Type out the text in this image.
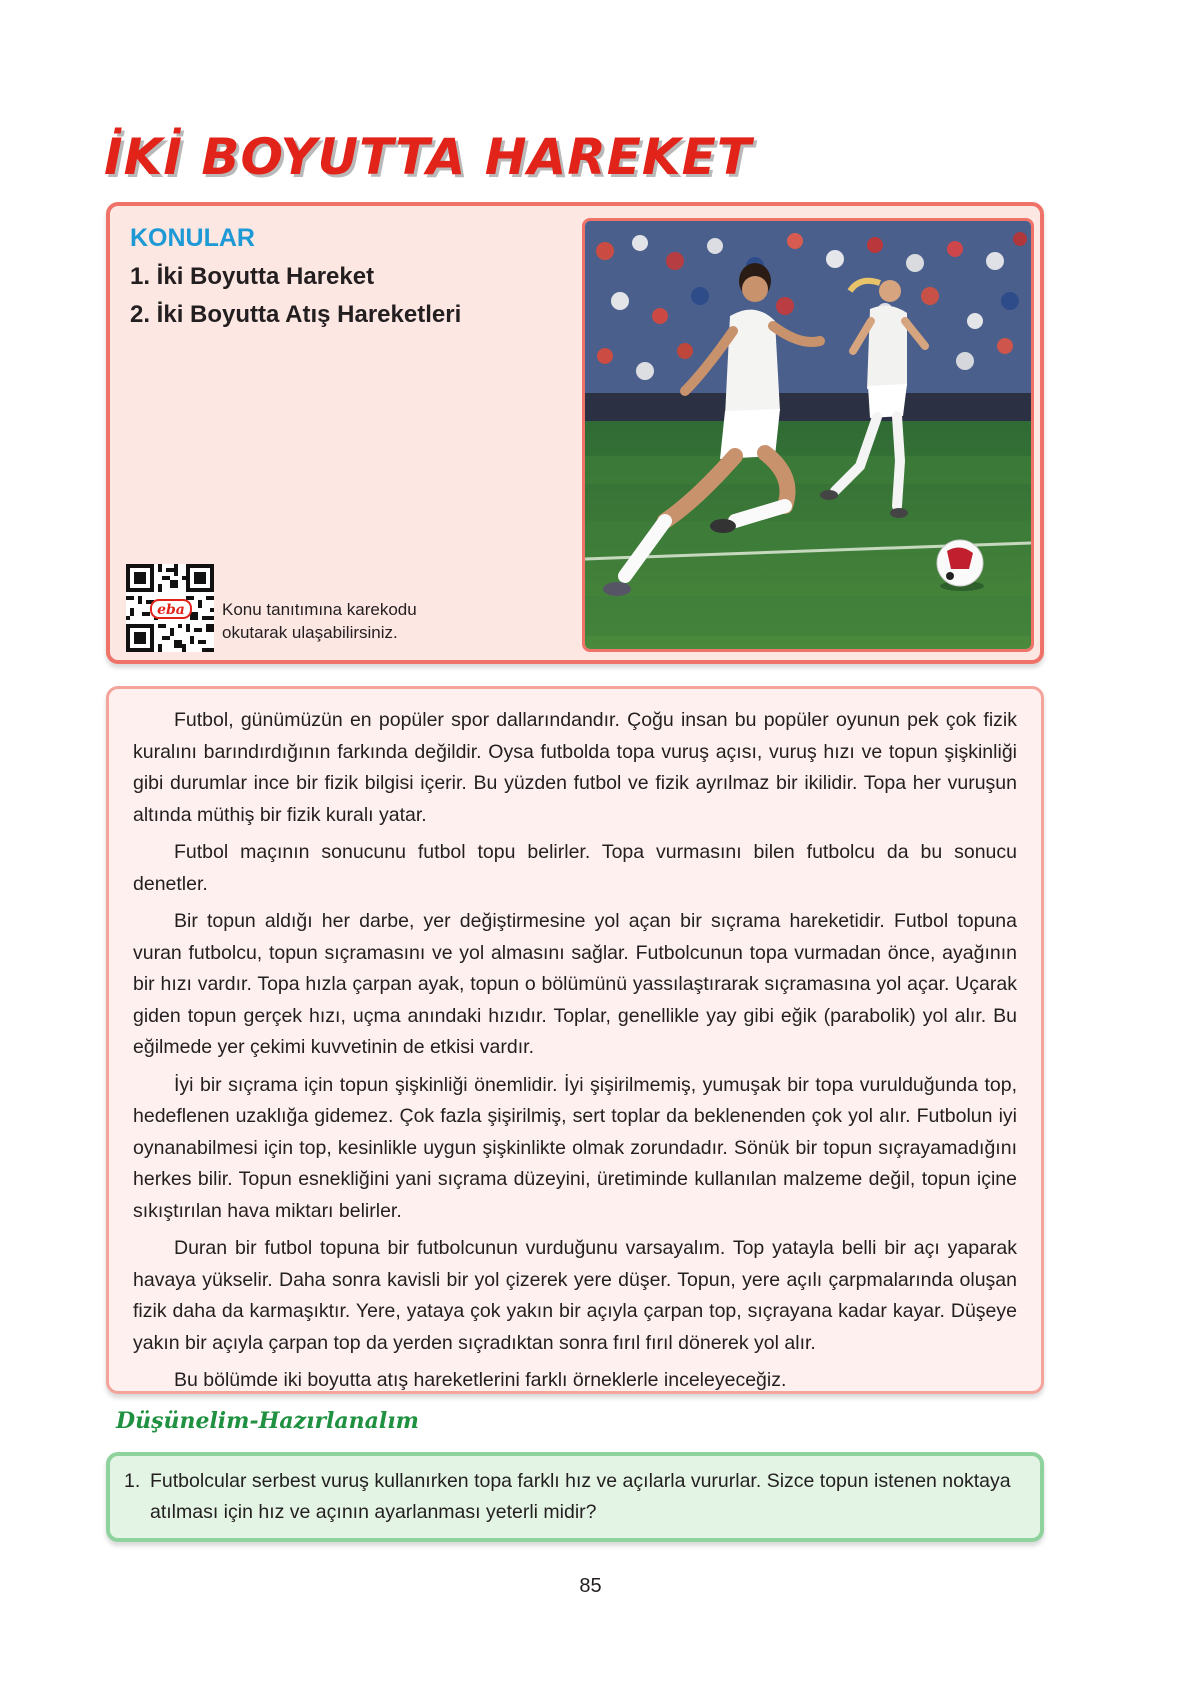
İKİ BOYUTTA HAREKET
KONULAR
1. İki Boyutta Hareket
2. İki Boyutta Atış Hareketleri
eba	Konu tanıtımına karekodu okutarak ulaşabilirsiniz.

Futbol, günümüzün en popüler spor dallarındandır. Çoğu insan bu popüler oyunun pek çok fizik kuralını barındırdığının farkında değildir. Oysa futbolda topa vuruş açısı, vuruş hızı ve topun şişkinliği gibi durumlar ince bir fizik bilgisi içerir. Bu yüzden futbol ve fizik ayrılmaz bir ikilidir. Topa her vuruşun altında müthiş bir fizik kuralı yatar.

Futbol maçının sonucunu futbol topu belirler. Topa vurmasını bilen futbolcu da bu sonucu denetler.

Bir topun aldığı her darbe, yer değiştirmesine yol açan bir sıçrama hareketidir. Futbol topuna vuran futbolcu, topun sıçramasını ve yol almasını sağlar. Futbolcunun topa vurmadan önce, ayağının bir hızı vardır. Topa hızla çarpan ayak, topun o bölümünü yassılaştırarak sıçramasına yol açar. Uçarak giden topun gerçek hızı, uçma anındaki hızıdır. Toplar, genellikle yay gibi eğik (parabolik) yol alır. Bu eğilmede yer çekimi kuvvetinin de etkisi vardır.

İyi bir sıçrama için topun şişkinliği önemlidir. İyi şişirilmemiş, yumuşak bir topa vurulduğunda top, hedeflenen uzaklığa gidemez. Çok fazla şişirilmiş, sert toplar da beklenenden çok yol alır. Futbolun iyi oynanabilmesi için top, kesinlikle uygun şişkinlikte olmak zorundadır. Sönük bir topun sıçrayamadığını herkes bilir. Topun esnekliğini yani sıçrama düzeyini, üretiminde kullanılan malzeme değil, topun içine sıkıştırılan hava miktarı belirler.

Duran bir futbol topuna bir futbolcunun vurduğunu varsayalım. Top yatayla belli bir açı yaparak havaya yükselir. Daha sonra kavisli bir yol çizerek yere düşer. Topun, yere açılı çarpmalarında oluşan fizik daha da karmaşıktır. Yere, yataya çok yakın bir açıyla çarpan top, sıçrayana kadar kayar. Düşeye yakın bir açıyla çarpan top da yerden sıçradıktan sonra fırıl fırıl dönerek yol alır.

Bu bölümde iki boyutta atış hareketlerini farklı örneklerle inceleyeceğiz.

Düşünelim-Hazırlanalım
1. Futbolcular serbest vuruş kullanırken topa farklı hız ve açılarla vururlar. Sizce topun istenen noktaya atılması için hız ve açının ayarlanması yeterli midir?
85
